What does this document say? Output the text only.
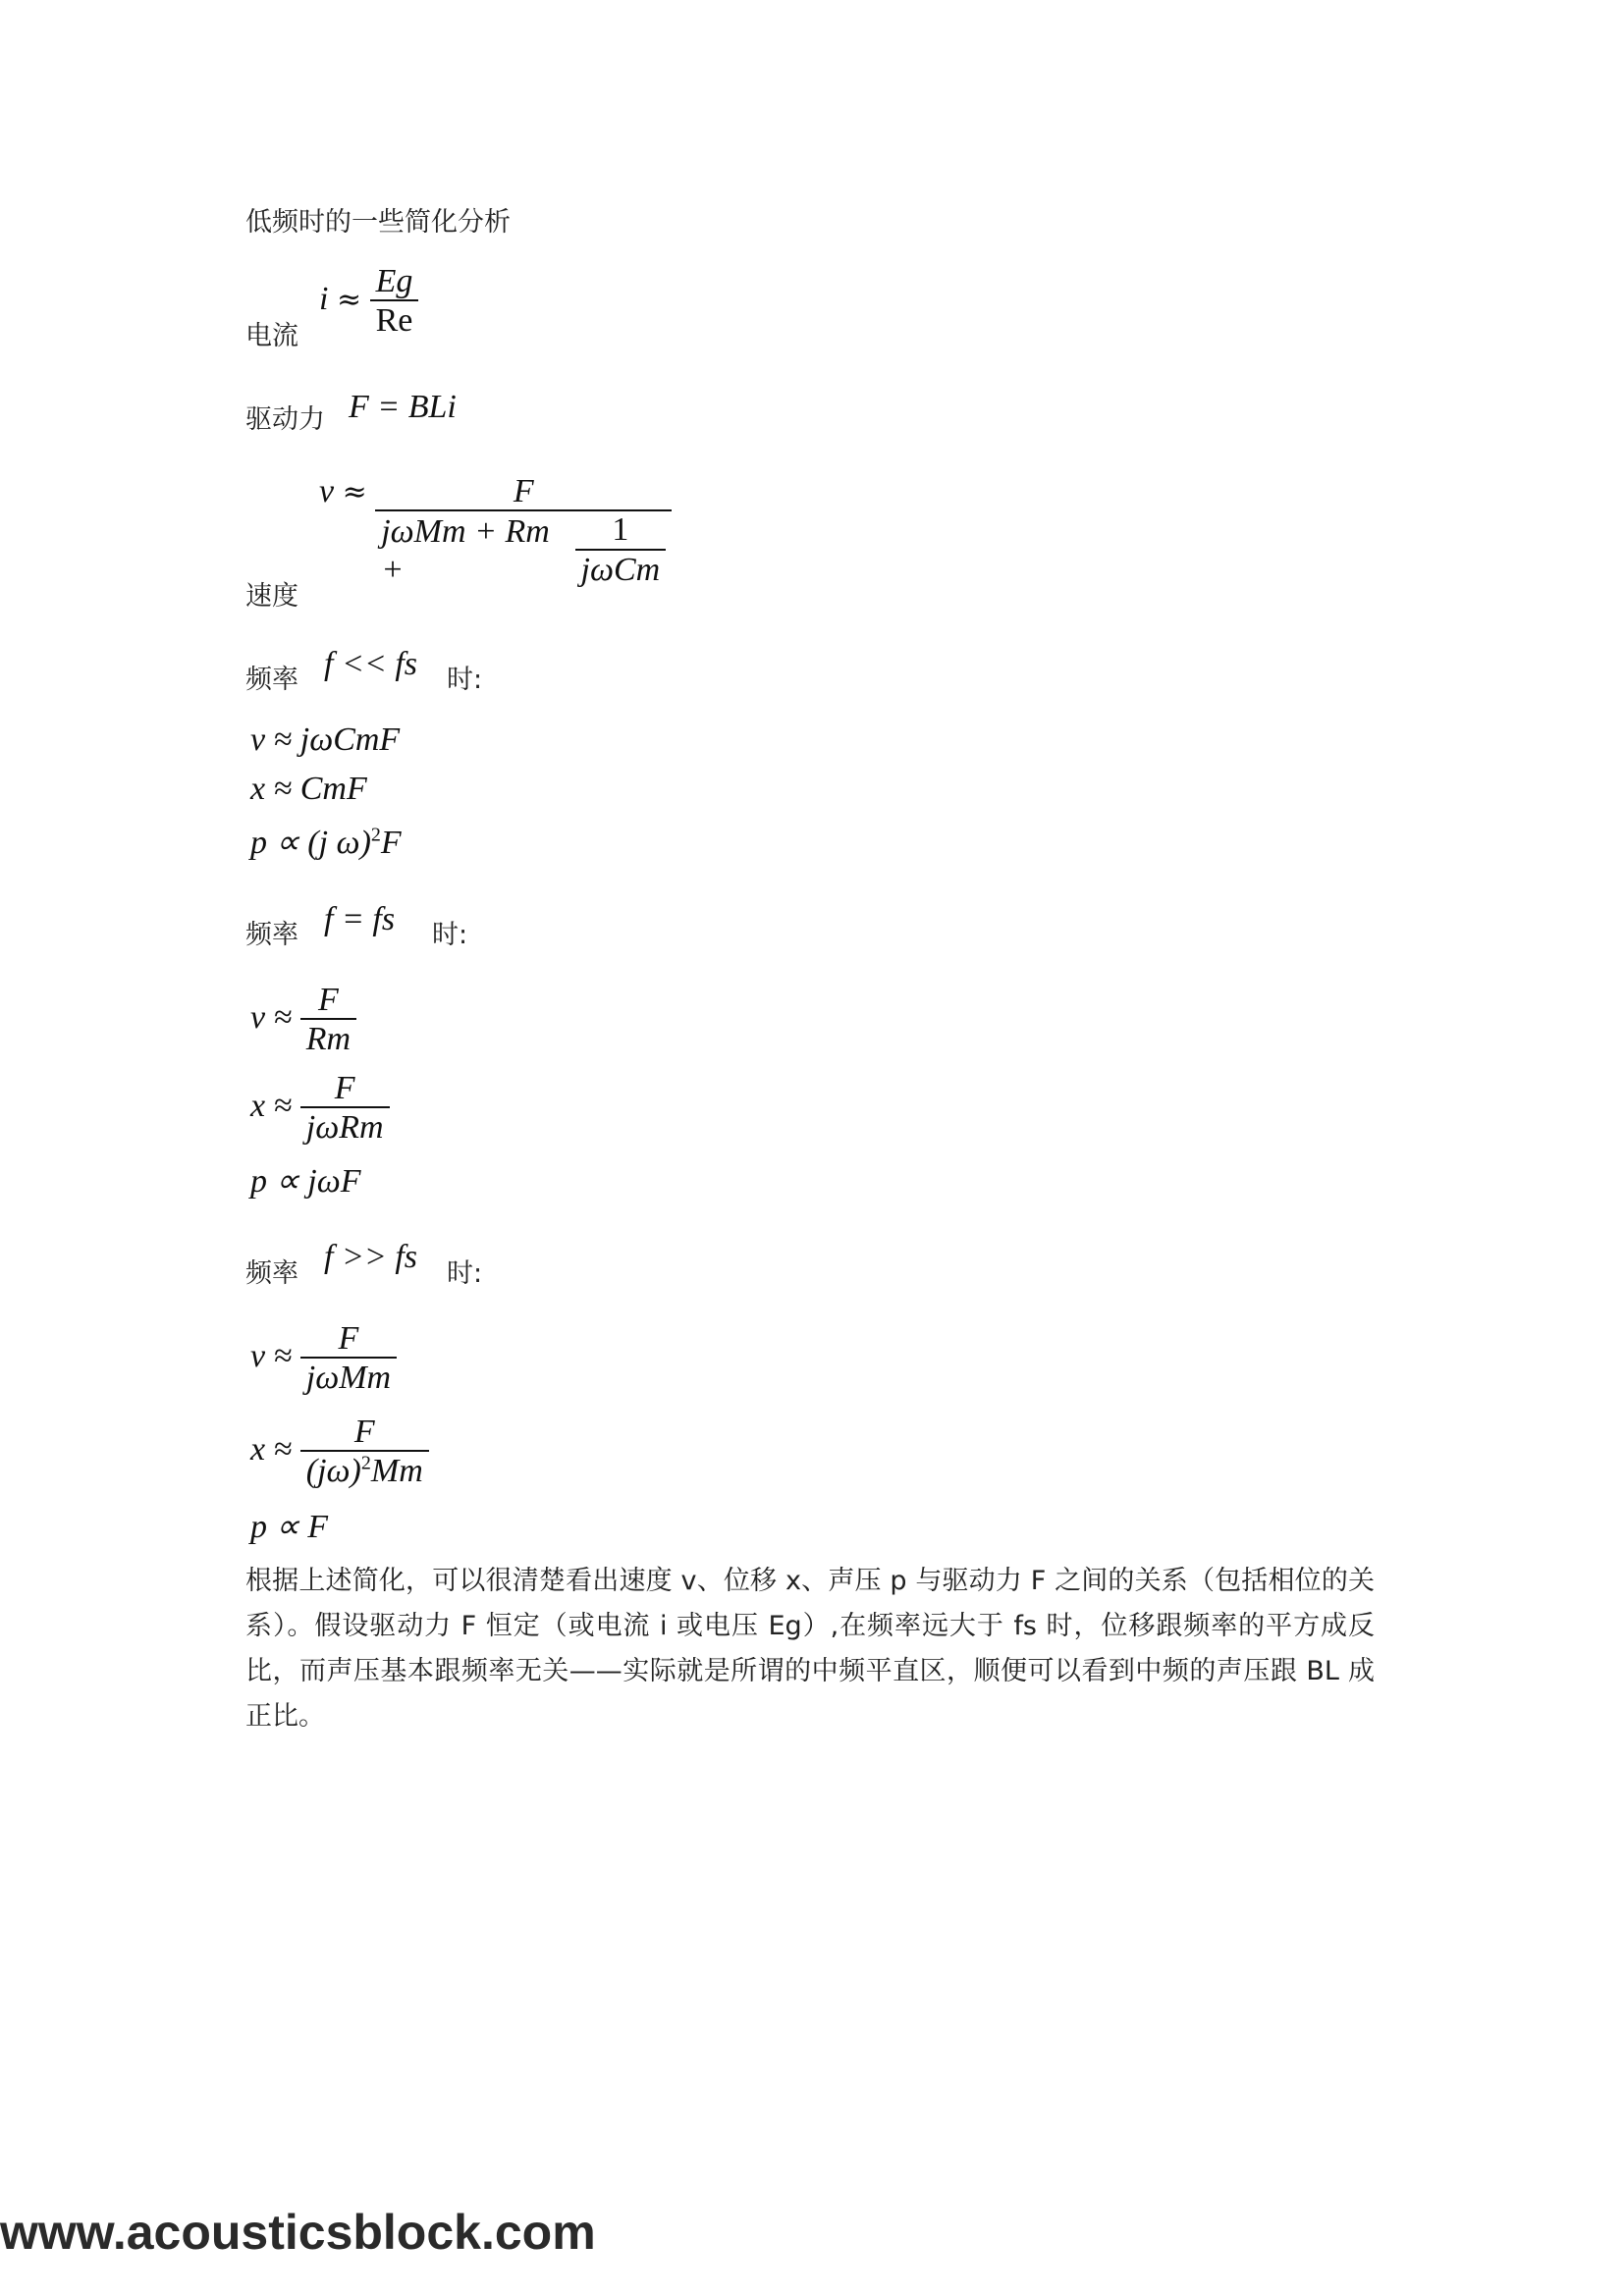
低频时的一些简化分析
电流
$i \approx \frac{Eg}{Re}$
驱动力 F = BLi
速度
v ≈ F
jωMm + Rm +	$\frac{1}{\text{jωCm}}$
频率 f << fs 时:
v ≈ jωCmF
x ≈ CmF
p ∝ (j ω)$^2$F
频率 f = fs 时:
$v \approx \frac{F}{Rm}$
$x \approx \frac{F}{\text{jωRm}}$
p ∝ jωF
频率 f >> fs 时:
$v \approx \frac{F}{\text{jωMm}}$
$x \approx \frac{F}{(j\omega)^2Mm}$
p ∝ F
根据上述简化，可以很清楚看出速度 v、位移 x、声压 p 与驱动力 F 之间的关系（包括相位的关系）。假设驱动力 F 恒定（或电流 i 或电压 Eg）,在频率远大于 fs 时，位移跟频率的平方成反比，而声压基本跟频率无关——实际就是所谓的中频平直区，顺便可以看到中频的声压跟 BL 成正比。
www.acousticsblock.com
